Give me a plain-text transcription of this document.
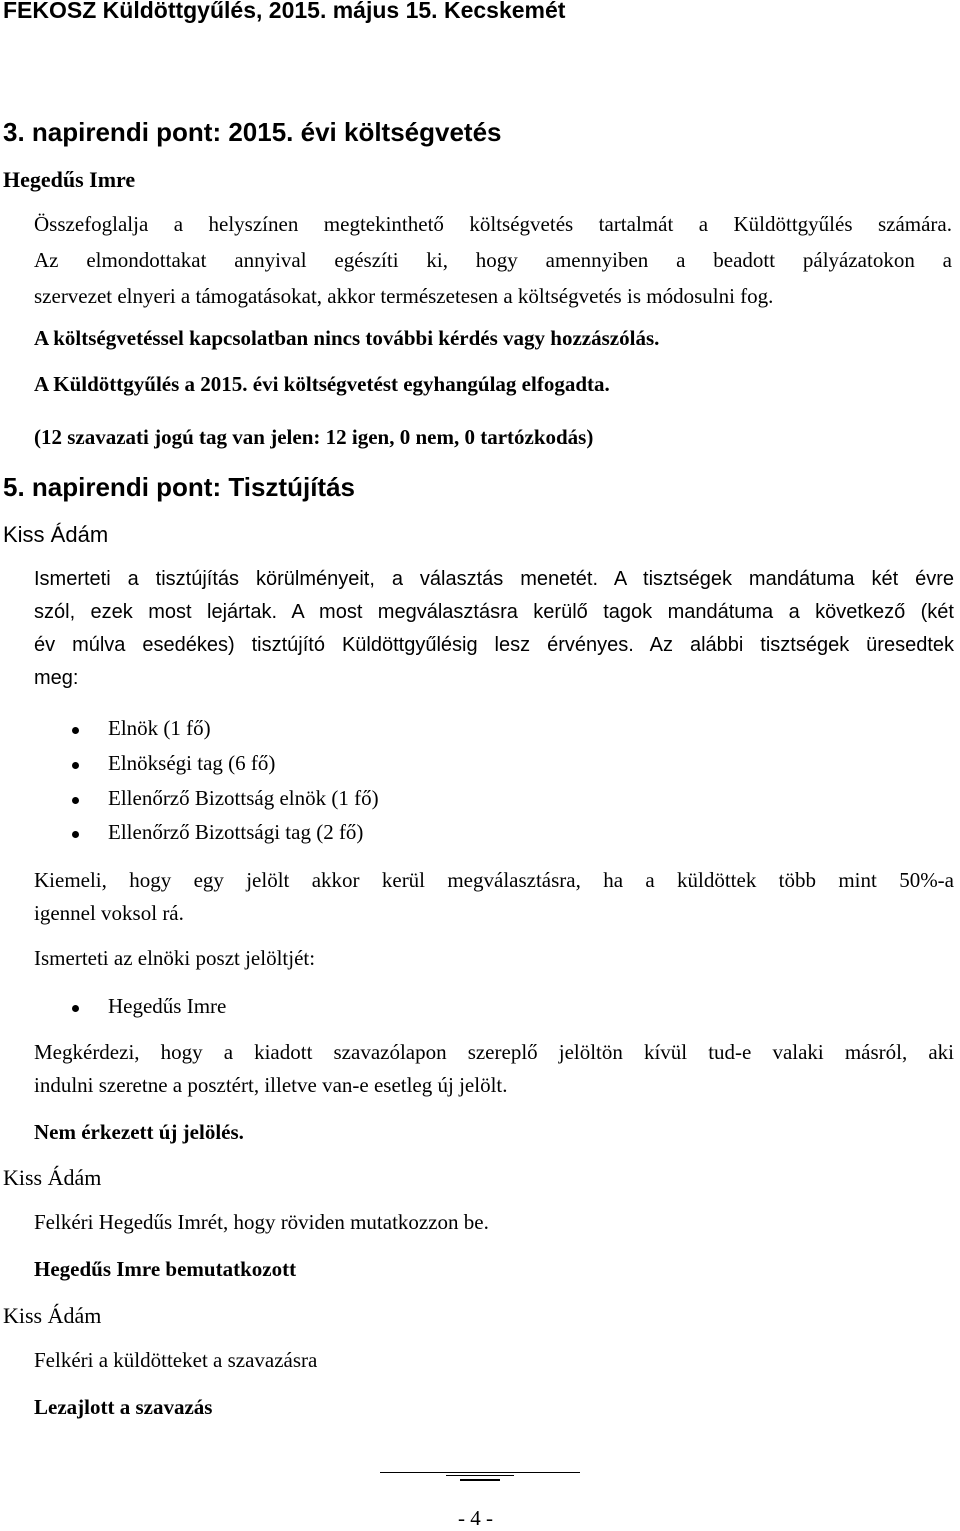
FEKOSZ Küldöttgyűlés, 2015. május 15. Kecskemét
3. napirendi pont: 2015. évi költségvetés
Hegedűs Imre
Összefoglalja a helyszínen megtekinthető költségvetés tartalmát a Küldöttgyűlés számára.
Az elmondottakat annyival egészíti ki, hogy amennyiben a beadott pályázatokon a
szervezet elnyeri a támogatásokat, akkor természetesen a költségvetés is módosulni fog.
A költségvetéssel kapcsolatban nincs további kérdés vagy hozzászólás.
A Küldöttgyűlés a 2015. évi költségvetést egyhangúlag elfogadta.
(12 szavazati jogú tag van jelen: 12 igen, 0 nem, 0 tartózkodás)
5. napirendi pont: Tisztújítás
Kiss Ádám
Ismerteti a tisztújítás körülményeit, a választás menetét. A tisztségek mandátuma két évre
szól, ezek most lejártak. A most megválasztásra kerülő tagok mandátuma a következő (két
év múlva esedékes) tisztújító Küldöttgyűlésig lesz érvényes. Az alábbi tisztségek üresedtek
meg:
Elnök (1 fő)
Elnökségi tag (6 fő)
Ellenőrző Bizottság elnök (1 fő)
Ellenőrző Bizottsági tag (2 fő)
Kiemeli, hogy egy jelölt akkor kerül megválasztásra, ha a küldöttek több mint 50%-a
igennel voksol rá.
Ismerteti az elnöki poszt jelöltjét:
Hegedűs Imre
Megkérdezi, hogy a kiadott szavazólapon szereplő jelöltön kívül tud-e valaki másról, aki
indulni szeretne a posztért, illetve van-e esetleg új jelölt.
Nem érkezett új jelölés.
Kiss Ádám
Felkéri Hegedűs Imrét, hogy röviden mutatkozzon be.
Hegedűs Imre bemutatkozott
Kiss Ádám
Felkéri a küldötteket a szavazásra
Lezajlott a szavazás
- 4 -
